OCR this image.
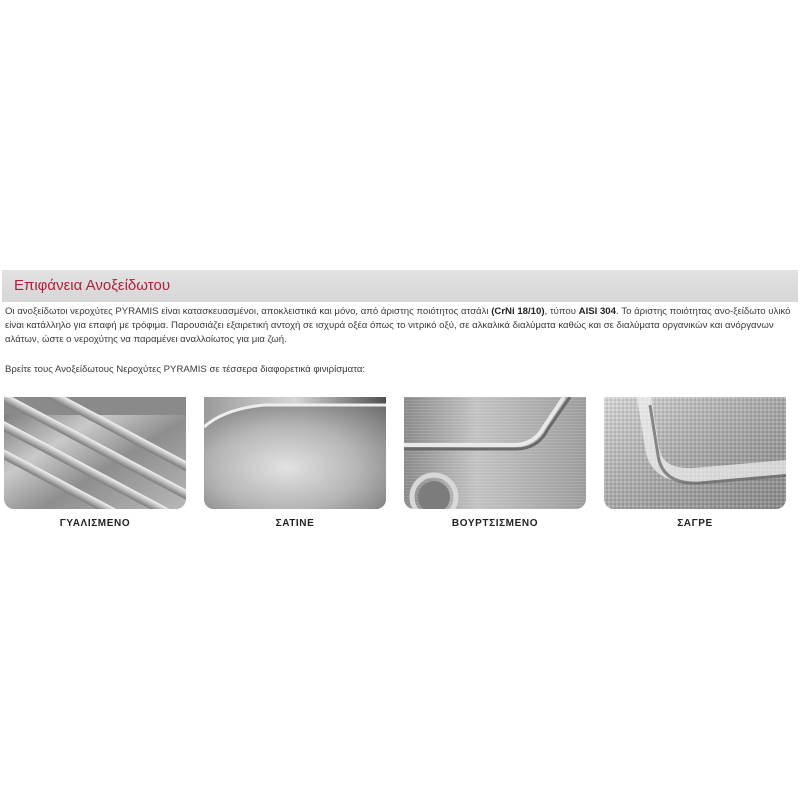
Επιφάνεια Ανοξείδωτου

Οι ανοξείδωτοι νεροχύτες PYRAMIS είναι κατασκευασμένοι, αποκλειστικά και μόνο, από άριστης ποιότητος ατσάλι (CrNi 18/10), τύπου AISI 304. Το άριστης ποιότητας ανο-ξείδωτο υλικό είναι κατάλληλο για επαφή με τρόφιμα. Παρουσιάζει εξαιρετική αντοχή σε ισχυρά οξέα όπως το νιτρικό οξύ, σε αλκαλικά διαλύματα καθώς και σε διαλύματα οργανικών και ανόργανων αλάτων, ώστε ο νεροχύτης να παραμένει αναλλοίωτος για μια ζωή.

Βρείτε τους Ανοξείδωτους Νεροχύτες PYRAMIS σε τέσσερα διαφορετικά φινιρίσματα:

ΓΥΑΛΙΣΜΕΝΟ	ΣΑΤΙΝΕ	ΒΟΥΡΤΣΙΣΜΕΝΟ	ΣΑΓΡΕ
